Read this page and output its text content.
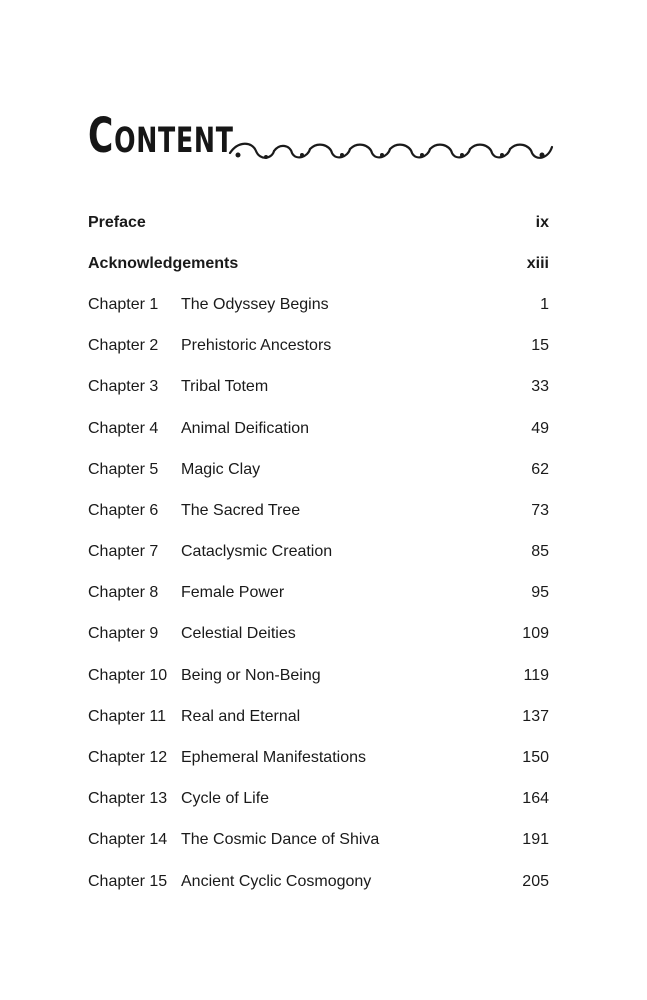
CONTENT
Preface	ix
Acknowledgements	xiii
Chapter 1	The Odyssey Begins	1
Chapter 2	Prehistoric Ancestors	15
Chapter 3	Tribal Totem	33
Chapter 4	Animal Deification	49
Chapter 5	Magic Clay	62
Chapter 6	The Sacred Tree	73
Chapter 7	Cataclysmic Creation	85
Chapter 8	Female Power	95
Chapter 9	Celestial Deities	109
Chapter 10 Being or Non-Being	119
Chapter 11 Real and Eternal	137
Chapter 12 Ephemeral Manifestations	150
Chapter 13 Cycle of Life	164
Chapter 14 The Cosmic Dance of Shiva	191
Chapter 15 Ancient Cyclic Cosmogony	205
